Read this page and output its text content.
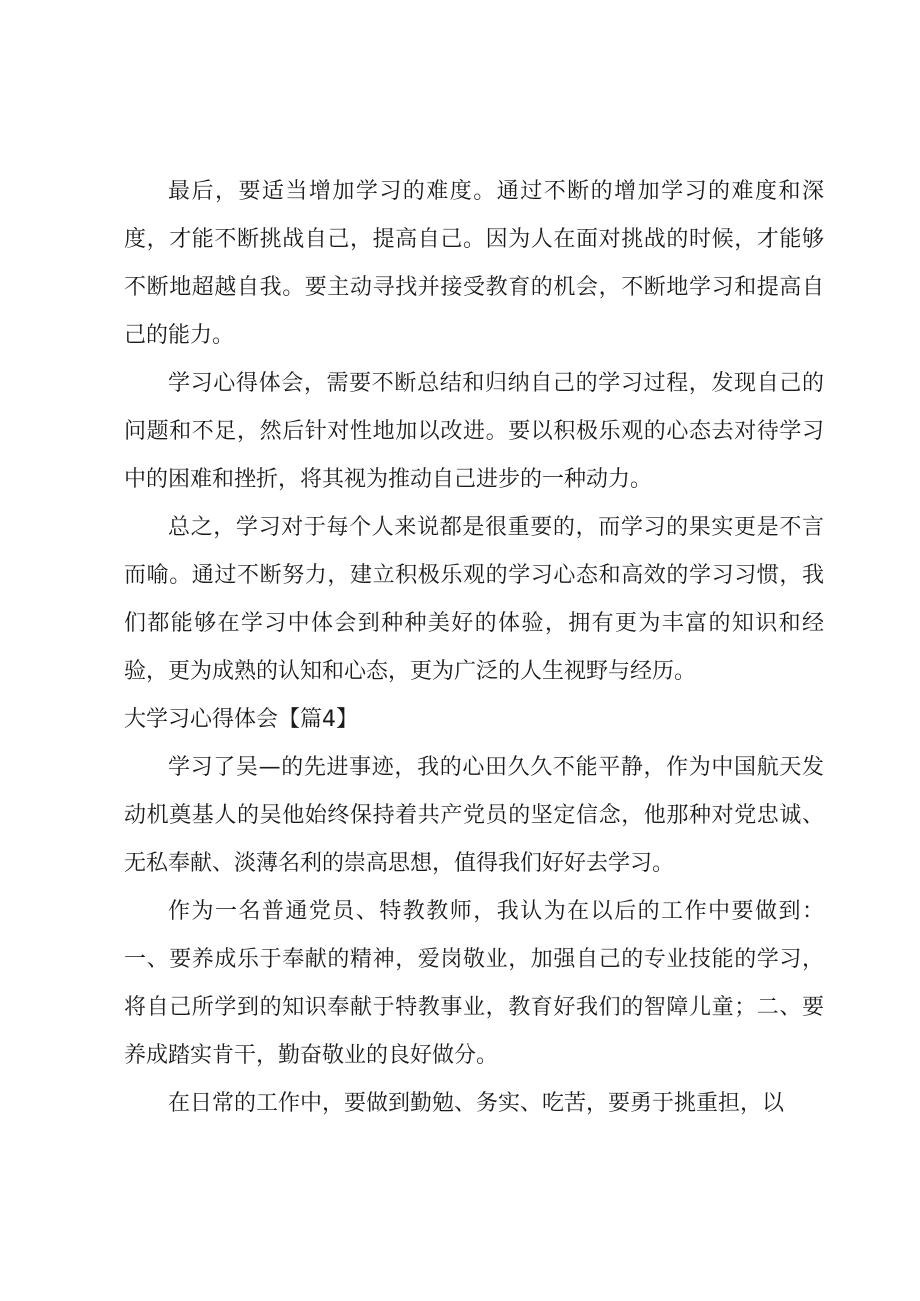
最后，要适当增加学习的难度。通过不断的增加学习的难度和深度，才能不断挑战自己，提高自己。因为人在面对挑战的时候，才能够不断地超越自我。要主动寻找并接受教育的机会，不断地学习和提高自己的能力。

学习心得体会，需要不断总结和归纳自己的学习过程，发现自己的问题和不足，然后针对性地加以改进。要以积极乐观的心态去对待学习中的困难和挫折，将其视为推动自己进步的一种动力。

总之，学习对于每个人来说都是很重要的，而学习的果实更是不言而喻。通过不断努力，建立积极乐观的学习心态和高效的学习习惯，我们都能够在学习中体会到种种美好的体验，拥有更为丰富的知识和经验，更为成熟的认知和心态，更为广泛的人生视野与经历。

大学习心得体会【篇4】

学习了吴—的先进事迹，我的心田久久不能平静，作为中国航天发动机奠基人的吴他始终保持着共产党员的坚定信念，他那种对党忠诚、无私奉献、淡薄名利的崇高思想，值得我们好好去学习。

作为一名普通党员、特教教师，我认为在以后的工作中要做到：一、要养成乐于奉献的精神，爱岗敬业，加强自己的专业技能的学习，将自己所学到的知识奉献于特教事业，教育好我们的智障儿童；二、要养成踏实肯干，勤奋敬业的良好做分。

在日常的工作中，要做到勤勉、务实、吃苦，要勇于挑重担，以
